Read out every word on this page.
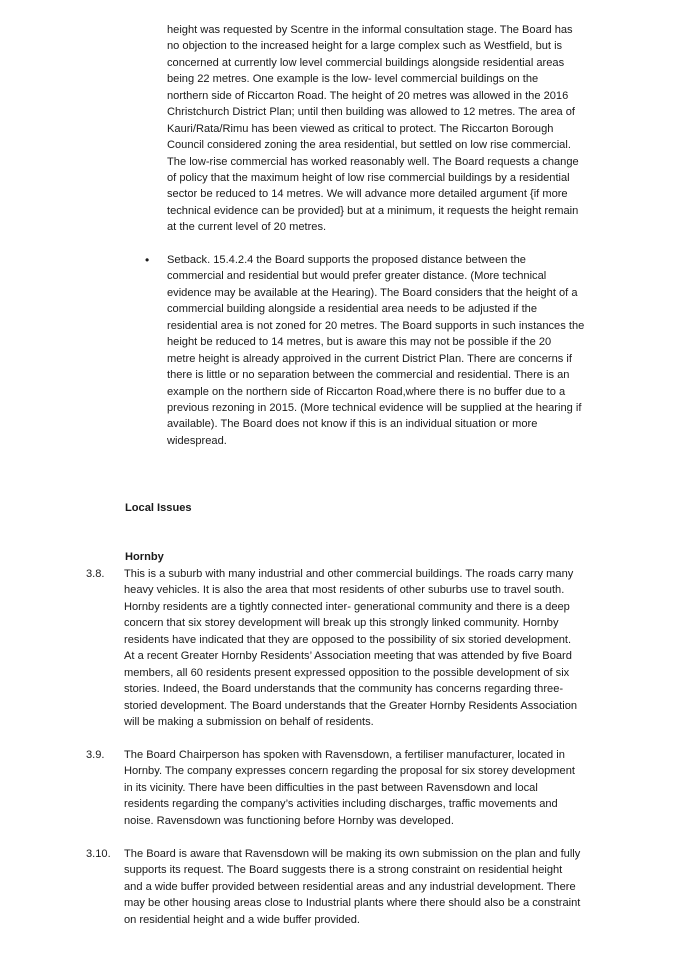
height was requested by Scentre in the informal consultation stage. The Board has
no objection to the increased height for a large complex such as Westfield, but is
concerned at currently low level commercial buildings alongside residential areas
being 22 metres. One example is the low- level commercial buildings on the
northern side of Riccarton Road. The height of 20 metres was allowed in the 2016
Christchurch District Plan; until then building was allowed to 12 metres. The area of
Kauri/Rata/Rimu has been viewed as critical to protect. The Riccarton Borough
Council considered zoning the area residential, but settled on low rise commercial.
The low-rise commercial has worked reasonably well. The Board requests a change
of policy that the maximum height of low rise commercial buildings by a residential
sector be reduced to 14 metres. We will advance more detailed argument {if more
technical evidence can be provided} but at a minimum, it requests the height remain
at the current level of 20 metres.
• Setback. 15.4.2.4 the Board supports the proposed distance between the
commercial and residential but would prefer greater distance. (More technical
evidence may be available at the Hearing). The Board considers that the height of a
commercial building alongside a residential area needs to be adjusted if the
residential area is not zoned for 20 metres. The Board supports in such instances the
height be reduced to 14 metres, but is aware this may not be possible if the 20
metre height is already approived in the current District Plan. There are concerns if
there is little or no separation between the commercial and residential. There is an
example on the northern side of Riccarton Road,where there is no buffer due to a
previous rezoning in 2015. (More technical evidence will be supplied at the hearing if
available). The Board does not know if this is an individual situation or more
widespread.
Local Issues
Hornby
3.8. This is a suburb with many industrial and other commercial buildings. The roads carry many
heavy vehicles. It is also the area that most residents of other suburbs use to travel south.
Hornby residents are a tightly connected inter- generational community and there is a deep
concern that six storey development will break up this strongly linked community. Hornby
residents have indicated that they are opposed to the possibility of six storied development.
At a recent Greater Hornby Residents’ Association meeting that was attended by five Board
members, all 60 residents present expressed opposition to the possible development of six
stories. Indeed, the Board understands that the community has concerns regarding three-
storied development. The Board understands that the Greater Hornby Residents Association
will be making a submission on behalf of residents.
3.9. The Board Chairperson has spoken with Ravensdown, a fertiliser manufacturer, located in
Hornby. The company expresses concern regarding the proposal for six storey development
in its vicinity. There have been difficulties in the past between Ravensdown and local
residents regarding the company’s activities including discharges, traffic movements and
noise. Ravensdown was functioning before Hornby was developed.
3.10. The Board is aware that Ravensdown will be making its own submission on the plan and fully
supports its request. The Board suggests there is a strong constraint on residential height
and a wide buffer provided between residential areas and any industrial development. There
may be other housing areas close to Industrial plants where there should also be a constraint
on residential height and a wide buffer provided.
